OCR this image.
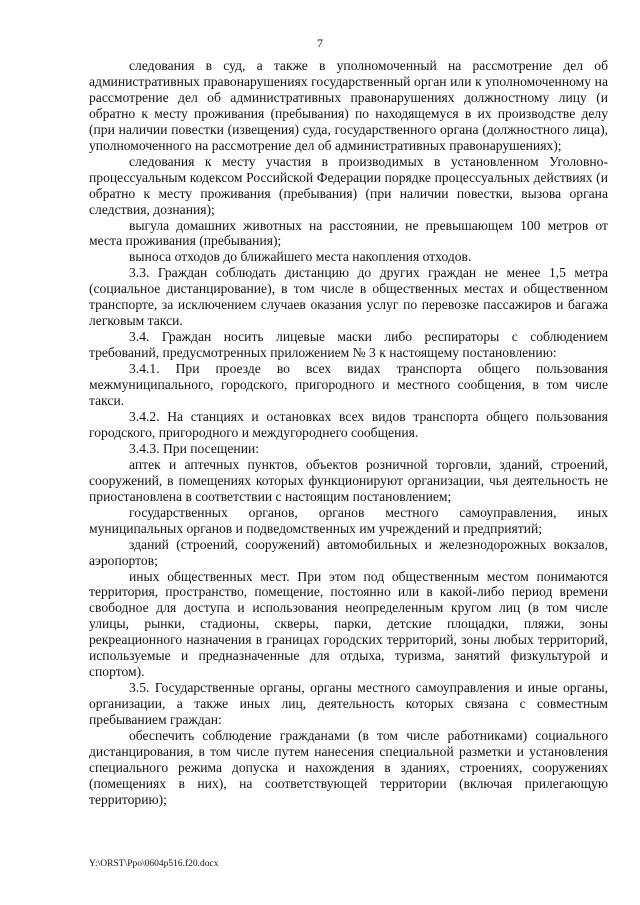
7

следования в суд, а также в уполномоченный на рассмотрение дел об административных правонарушениях государственный орган или к уполномоченному на рассмотрение дел об административных правонарушениях должностному лицу (и обратно к месту проживания (пребывания) по находящемуся в их производстве делу (при наличии повестки (извещения) суда, государственного органа (должностного лица), уполномоченного на рассмотрение дел об административных правонарушениях);

следования к месту участия в производимых в установленном Уголовно-процессуальным кодексом Российской Федерации порядке процессуальных действиях (и обратно к месту проживания (пребывания) (при наличии повестки, вызова органа следствия, дознания);

выгула домашних животных на расстоянии, не превышающем 100 метров от места проживания (пребывания);

выноса отходов до ближайшего места накопления отходов.

3.3. Граждан соблюдать дистанцию до других граждан не менее 1,5 метра (социальное дистанцирование), в том числе в общественных местах и общественном транспорте, за исключением случаев оказания услуг по перевозке пассажиров и багажа легковым такси.

3.4. Граждан носить лицевые маски либо респираторы с соблюдением требований, предусмотренных приложением № 3 к настоящему постановлению:

3.4.1. При проезде во всех видах транспорта общего пользования межмуниципального, городского, пригородного и местного сообщения, в том числе такси.

3.4.2. На станциях и остановках всех видов транспорта общего пользования городского, пригородного и междугороднего сообщения.

3.4.3. При посещении:

аптек и аптечных пунктов, объектов розничной торговли, зданий, строений, сооружений, в помещениях которых функционируют организации, чья деятельность не приостановлена в соответствии с настоящим постановлением;

государственных органов, органов местного самоуправления, иных муниципальных органов и подведомственных им учреждений и предприятий;

зданий (строений, сооружений) автомобильных и железнодорожных вокзалов, аэропортов;

иных общественных мест. При этом под общественным местом понимаются территория, пространство, помещение, постоянно или в какой-либо период времени свободное для доступа и использования неопределенным кругом лиц (в том числе улицы, рынки, стадионы, скверы, парки, детские площадки, пляжи, зоны рекреационного назначения в границах городских территорий, зоны любых территорий, используемые и предназначенные для отдыха, туризма, занятий физкультурой и спортом).

3.5. Государственные органы, органы местного самоуправления и иные органы, организации, а также иных лиц, деятельность которых связана с совместным пребыванием граждан:

обеспечить соблюдение гражданами (в том числе работниками) социального дистанцирования, в том числе путем нанесения специальной разметки и установления специального режима допуска и нахождения в зданиях, строениях, сооружениях (помещениях в них), на соответствующей территории (включая прилегающую территорию);

Y:\ORST\Ppo\0604p516.f20.docx
